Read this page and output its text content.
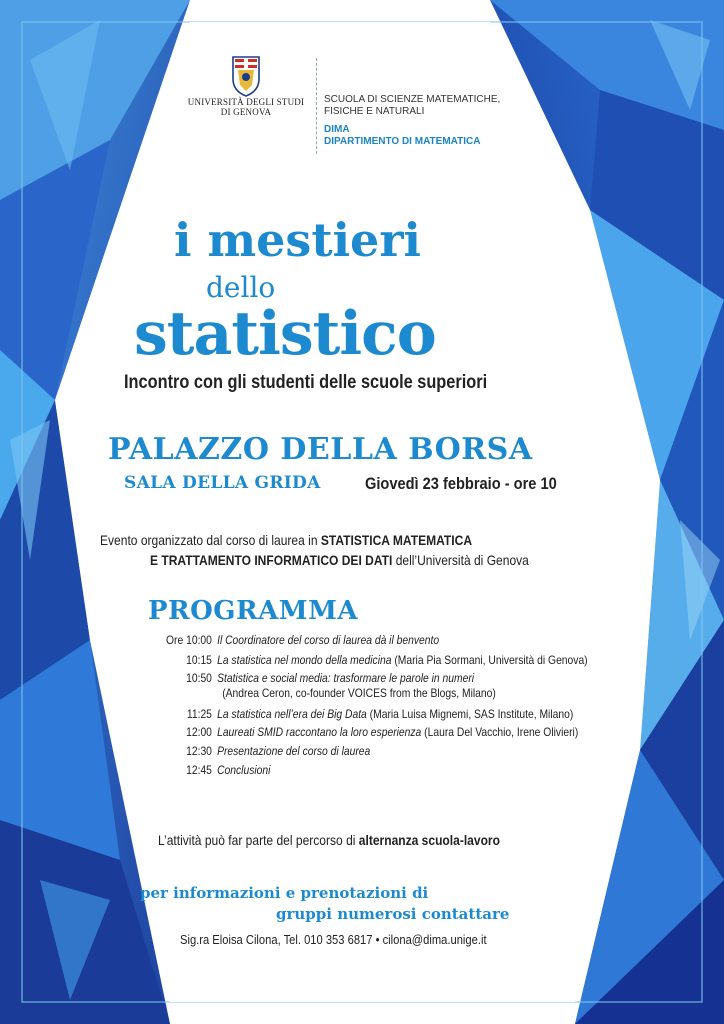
UNIVERSITÀ DEGLI STUDI
DI GENOVA
SCUOLA DI SCIENZE MATEMATICHE,
FISICHE E NATURALI
DIMA
DIPARTIMENTO DI MATEMATICA
i mestieri
dello
statistico
Incontro con gli studenti delle scuole superiori
PALAZZO DELLA BORSA
SALA DELLA GRIDA	Giovedì 23 febbraio - ore 10
Evento organizzato dal corso di laurea in STATISTICA MATEMATICA
E TRATTAMENTO INFORMATICO DEI DATI dell’Università di Genova
PROGRAMMA
Ore 10:00 Il Coordinatore del corso di laurea dà il benvento
10:15 La statistica nel mondo della medicina (Maria Pia Sormani, Università di Genova)
10:50 Statistica e social media: trasformare le parole in numeri
(Andrea Ceron, co-founder VOICES from the Blogs, Milano)
11:25 La statistica nell’era dei Big Data (Maria Luisa Mignemi, SAS Institute, Milano)
12:00 Laureati SMID raccontano la loro esperienza (Laura Del Vacchio, Irene Olivieri)
12:30 Presentazione del corso di laurea
12:45 Conclusioni
L’attività può far parte del percorso di alternanza scuola-lavoro
per informazioni e prenotazioni di
gruppi numerosi contattare
Sig.ra Eloisa Cilona, Tel. 010 353 6817 • cilona@dima.unige.it
